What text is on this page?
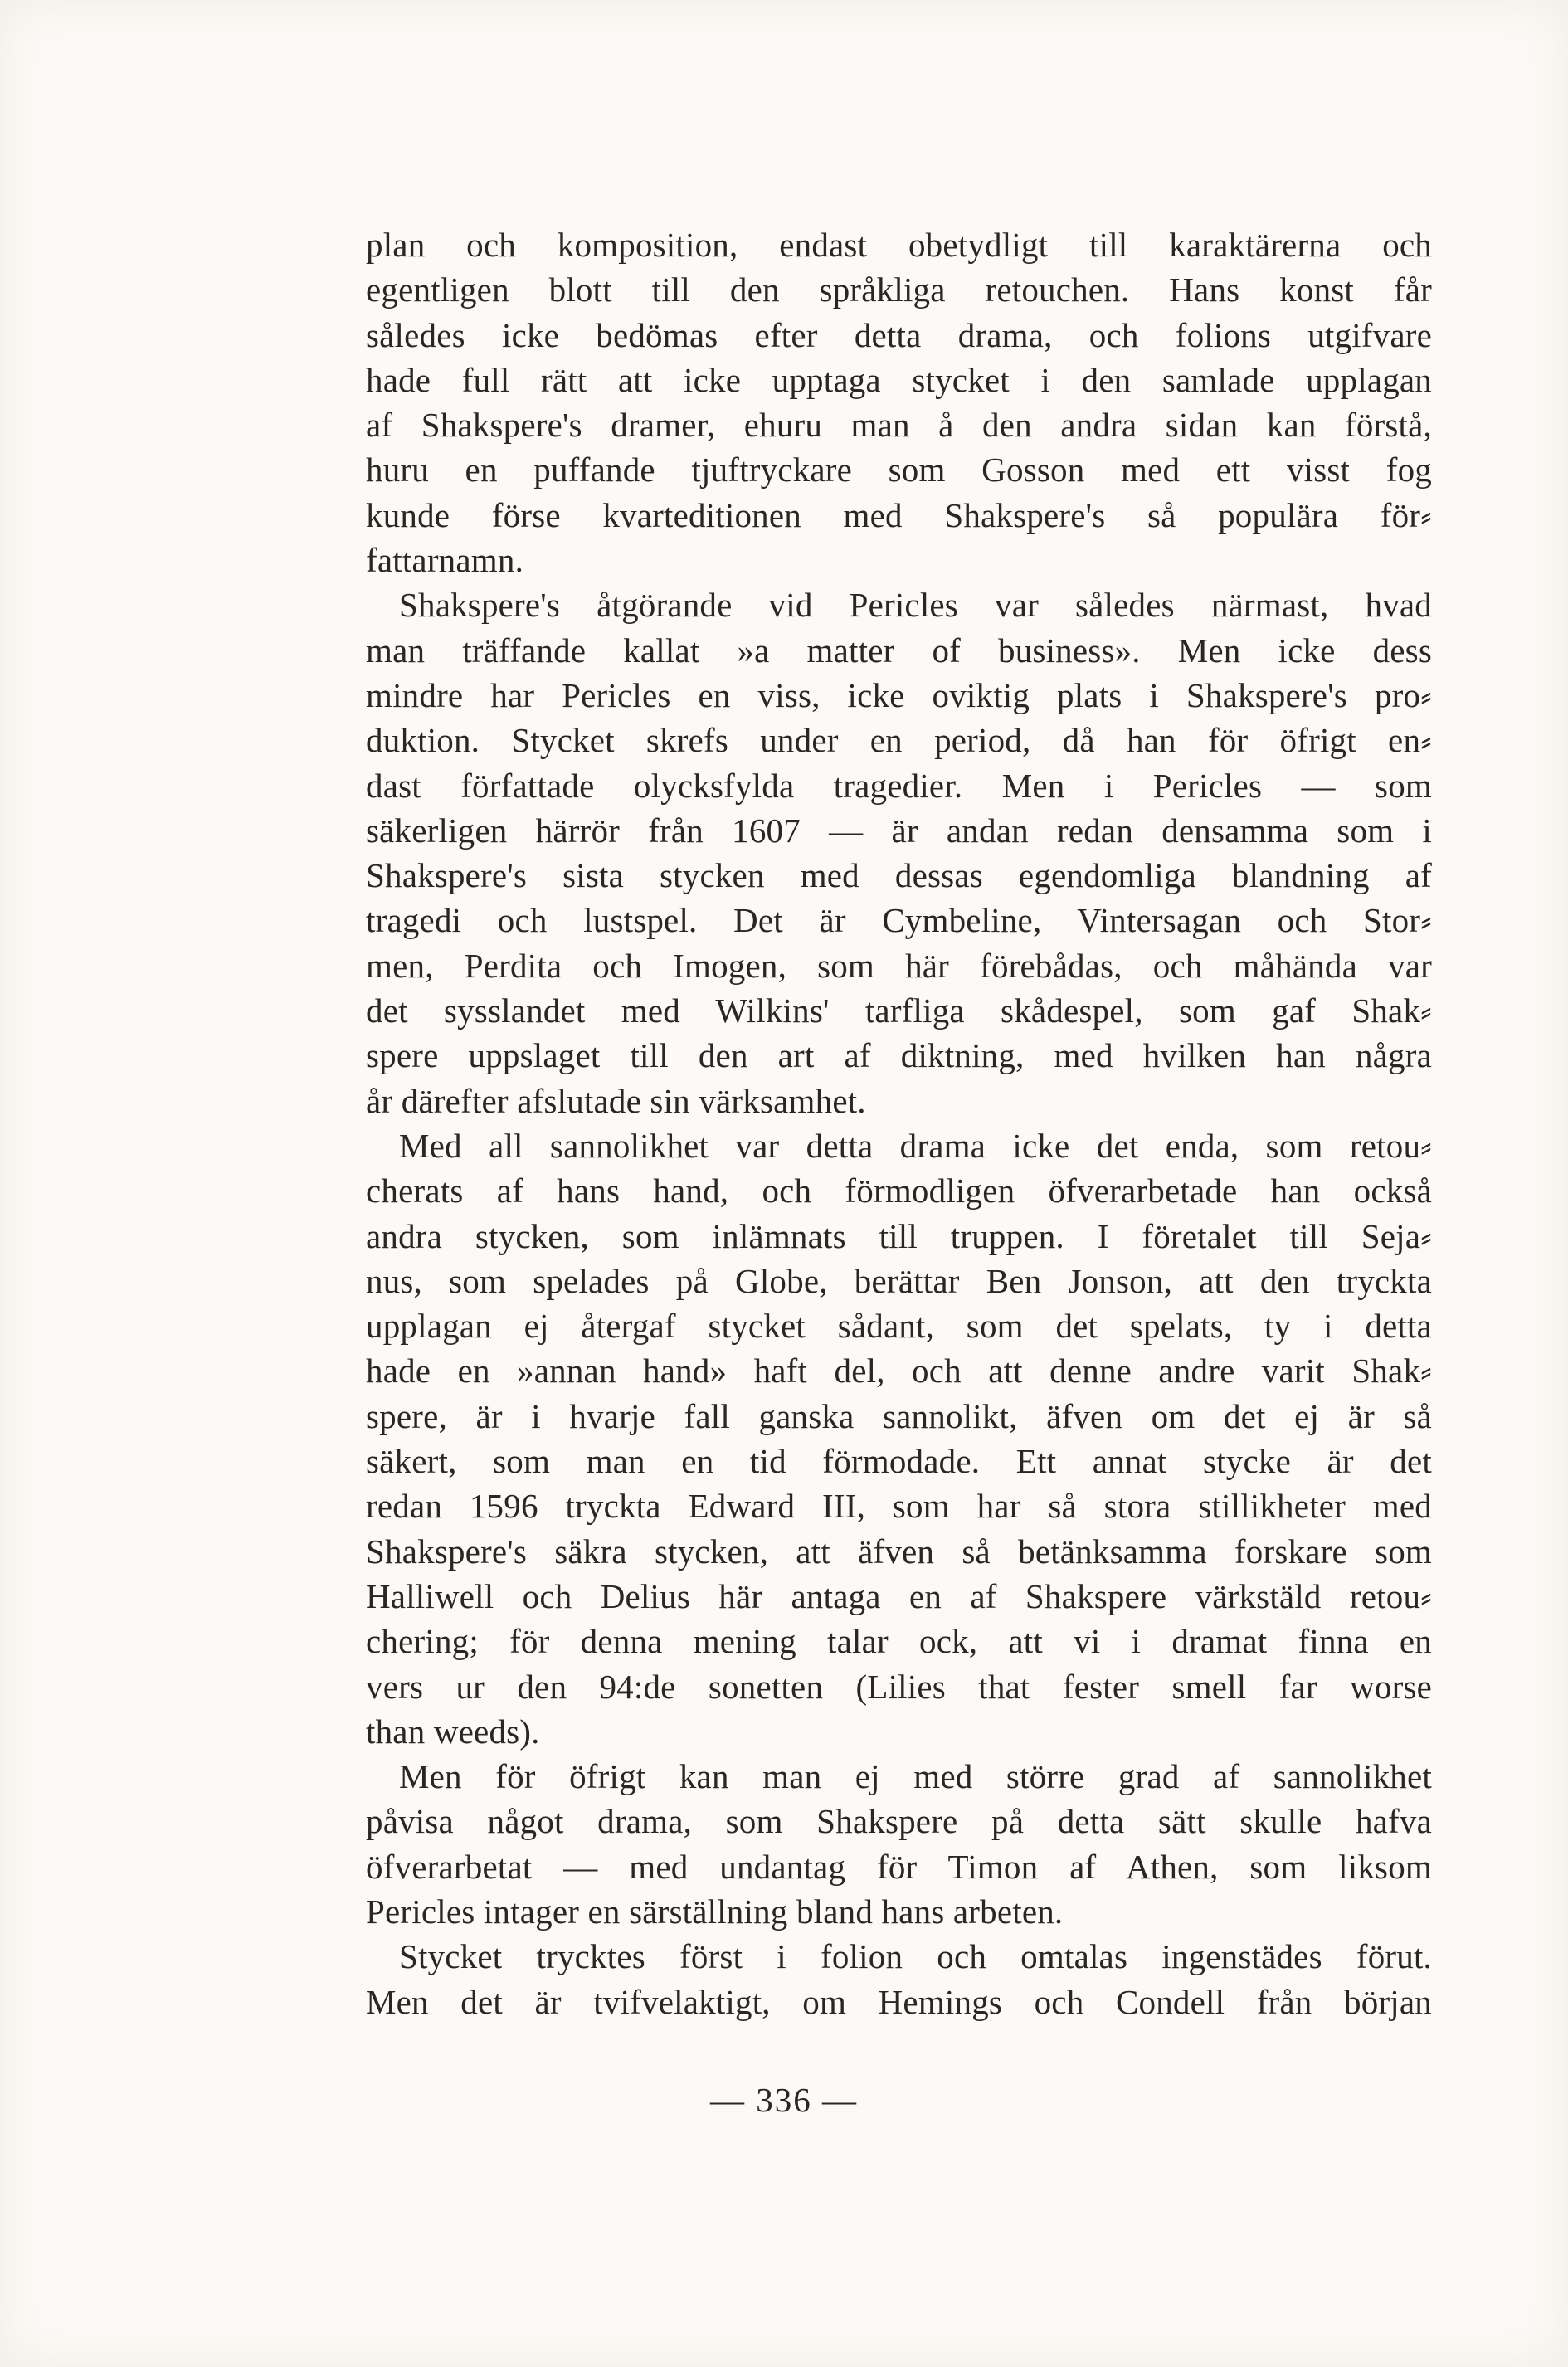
plan och komposition, endast obetydligt till karaktärerna och
egentligen blott till den språkliga retouchen. Hans konst får
således icke bedömas efter detta drama, och folions utgifvare
hade full rätt att icke upptaga stycket i den samlade upplagan
af Shakspere's dramer, ehuru man å den andra sidan kan förstå,
huru en puffande tjuftryckare som Gosson med ett visst fog
kunde förse kvarteditionen med Shakspere's så populära för⸗
fattarnamn.
Shakspere's åtgörande vid Pericles var således närmast, hvad
man träffande kallat »a matter of business». Men icke dess
mindre har Pericles en viss, icke oviktig plats i Shakspere's pro⸗
duktion. Stycket skrefs under en period, då han för öfrigt en⸗
dast författade olycksfylda tragedier. Men i Pericles — som
säkerligen härrör från 1607 — är andan redan densamma som i
Shakspere's sista stycken med dessas egendomliga blandning af
tragedi och lustspel. Det är Cymbeline, Vintersagan och Stor⸗
men, Perdita och Imogen, som här förebådas, och måhända var
det sysslandet med Wilkins' tarfliga skådespel, som gaf Shak⸗
spere uppslaget till den art af diktning, med hvilken han några
år därefter afslutade sin värksamhet.
Med all sannolikhet var detta drama icke det enda, som retou⸗
cherats af hans hand, och förmodligen öfverarbetade han också
andra stycken, som inlämnats till truppen. I företalet till Seja⸗
nus, som spelades på Globe, berättar Ben Jonson, att den tryckta
upplagan ej återgaf stycket sådant, som det spelats, ty i detta
hade en »annan hand» haft del, och att denne andre varit Shak⸗
spere, är i hvarje fall ganska sannolikt, äfven om det ej är så
säkert, som man en tid förmodade. Ett annat stycke är det
redan 1596 tryckta Edward III, som har så stora stillikheter med
Shakspere's säkra stycken, att äfven så betänksamma forskare som
Halliwell och Delius här antaga en af Shakspere värkstäld retou⸗
chering; för denna mening talar ock, att vi i dramat finna en
vers ur den 94:de sonetten (Lilies that fester smell far worse
than weeds).
Men för öfrigt kan man ej med större grad af sannolikhet
påvisa något drama, som Shakspere på detta sätt skulle hafva
öfverarbetat — med undantag för Timon af Athen, som liksom
Pericles intager en särställning bland hans arbeten.
Stycket trycktes först i folion och omtalas ingenstädes förut.
Men det är tvifvelaktigt, om Hemings och Condell från början
— 336 —
